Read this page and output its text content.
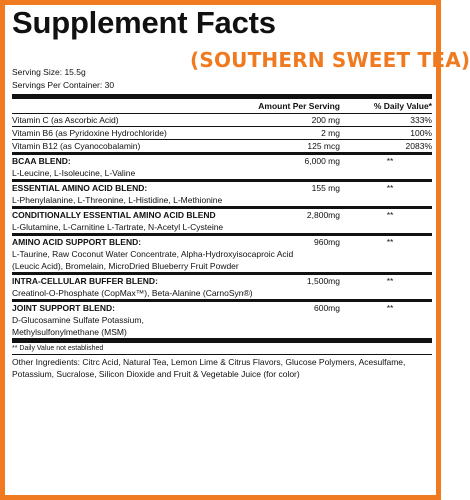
Supplement Facts
(SOUTHERN SWEET TEA)
Serving Size: 15.5g
Servings Per Container: 30
Amount Per Serving	% Daily Value*
Vitamin C (as Ascorbic Acid)	200 mg	333%
Vitamin B6 (as Pyridoxine Hydrochloride)	2 mg	100%
Vitamin B12 (as Cyanocobalamin)	125 mcg	2083%
BCAA BLEND:	6,000 mg	**
L-Leucine, L-Isoleucine, L-Valine
ESSENTIAL AMINO ACID BLEND:	155 mg	**
L-Phenylalanine, L-Threonine, L-Histidine, L-Methionine
CONDITIONALLY ESSENTIAL AMINO ACID BLEND	2,800mg	**
L-Glutamine, L-Carnitine L-Tartrate, N-Acetyl L-Cysteine
AMINO ACID SUPPORT BLEND:	960mg	**
L-Taurine, Raw Coconut Water Concentrate, Alpha-Hydroxyisocaproic Acid (Leucic Acid), Bromelain, MicroDried Blueberry Fruit Powder
INTRA-CELLULAR BUFFER BLEND:	1,500mg	**
Creatinol-O-Phosphate (CopMax™), Beta-Alanine (CarnoSyn®)
JOINT SUPPORT BLEND:	600mg	**
D-Glucosamine Sulfate Potassium, Methylsulfonylmethane (MSM)
** Daily Value not established
Other Ingredients: Citrc Acid, Natural Tea, Lemon Lime & Citrus Flavors, Glucose Polymers, Acesulfame, Potassium, Sucralose, Silicon Dioxide and Fruit & Vegetable Juice (for color)
